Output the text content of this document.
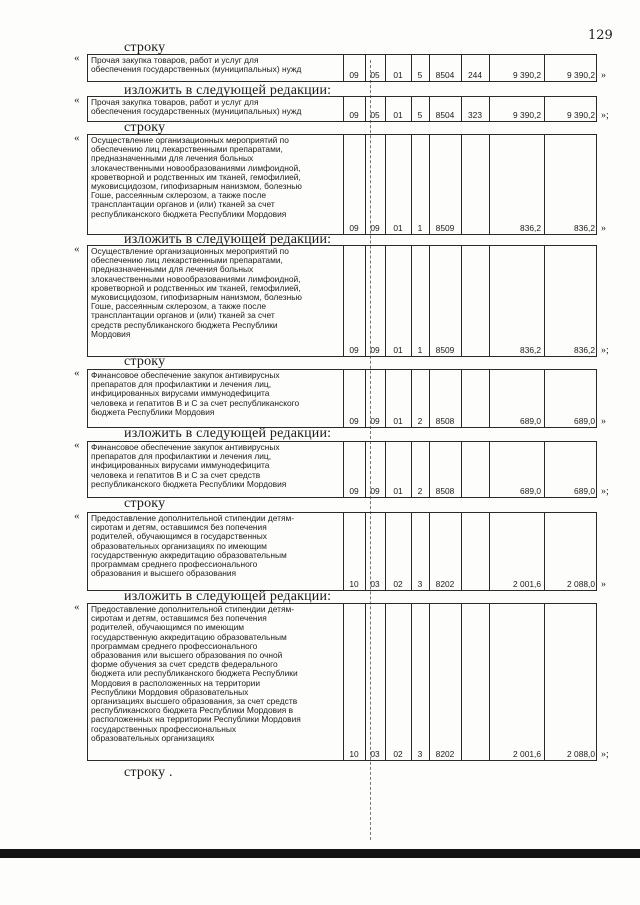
129
строку
« Прочая закупка товаров, работ и услуг для
обеспечения государственных (муниципальных) нужд
09	05	01	5	8504	244	9 390,2	9 390,2 »
изложить в следующей редакции:
« Прочая закупка товаров, работ и услуг для
обеспечения государственных (муниципальных) нужд	09	05	01	5	8504	323	9 390,2	9 390,2 »;
строку
« Осуществление организационных мероприятий по
обеспечению лиц лекарственными препаратами,
предназначенными для лечения больных
злокачественными новообразованиями лимфоидной,
кроветворной и родственных им тканей, гемофилией,
муковисцидозом, гипофизарным нанизмом, болезнью
Гоше, рассеянным склерозом, а также после
трансплантации органов и (или) тканей за счет
республиканского бюджета Республики Мордовия
09	09	01	1	8509	836,2	836,2 »
изложить в следующей редакции:
« Осуществление организационных мероприятий по
обеспечению лиц лекарственными препаратами,
предназначенными для лечения больных
злокачественными новообразованиями лимфоидной,
кроветворной и родственных им тканей, гемофилией,
муковисцидозом, гипофизарным нанизмом, болезнью
Гоше, рассеянным склерозом, а также после
трансплантации органов и (или) тканей за счет
средств республиканского бюджета Республики
Мордовия
09	09	01	1	8509	836,2	836,2 »;
строку
« Финансовое обеспечение закупок антивирусных
препаратов для профилактики и лечения лиц,
инфицированных вирусами иммунодефицита
человека и гепатитов В и С за счет республиканского
бюджета Республики Мордовия
09	09	01	2	8508	689,0	689,0 »
изложить в следующей редакции:
« Финансовое обеспечение закупок антивирусных
препаратов для профилактики и лечения лиц,
инфицированных вирусами иммунодефицита
человека и гепатитов В и С за счет средств
республиканского бюджета Республики Мордовия
09	09	01	2	8508	689,0	689,0 »;
строку
« Предоставление дополнительной стипендии детям-
сиротам и детям, оставшимся без попечения
родителей, обучающимся в государственных
образовательных организациях по имеющим
государственную аккредитацию образовательным
программам среднего профессионального
образования и высшего образования
10	03	02	3	8202	2 001,6	2 088,0 »
изложить в следующей редакции:
« Предоставление дополнительной стипендии детям-
сиротам и детям, оставшимся без попечения
родителей, обучающимся по имеющим
государственную аккредитацию образовательным
программам среднего профессионального
образования или высшего образования по очной
форме обучения за счет средств федерального
бюджета или республиканского бюджета Республики
Мордовия в расположенных на территории
Республики Мордовия образовательных
организациях высшего образования, за счет средств
республиканского бюджета Республики Мордовия в
расположенных на территории Республики Мордовия
государственных профессиональных
образовательных организациях
10	03	02	3	8202	2 001,6	2 088,0 »;
строку .
